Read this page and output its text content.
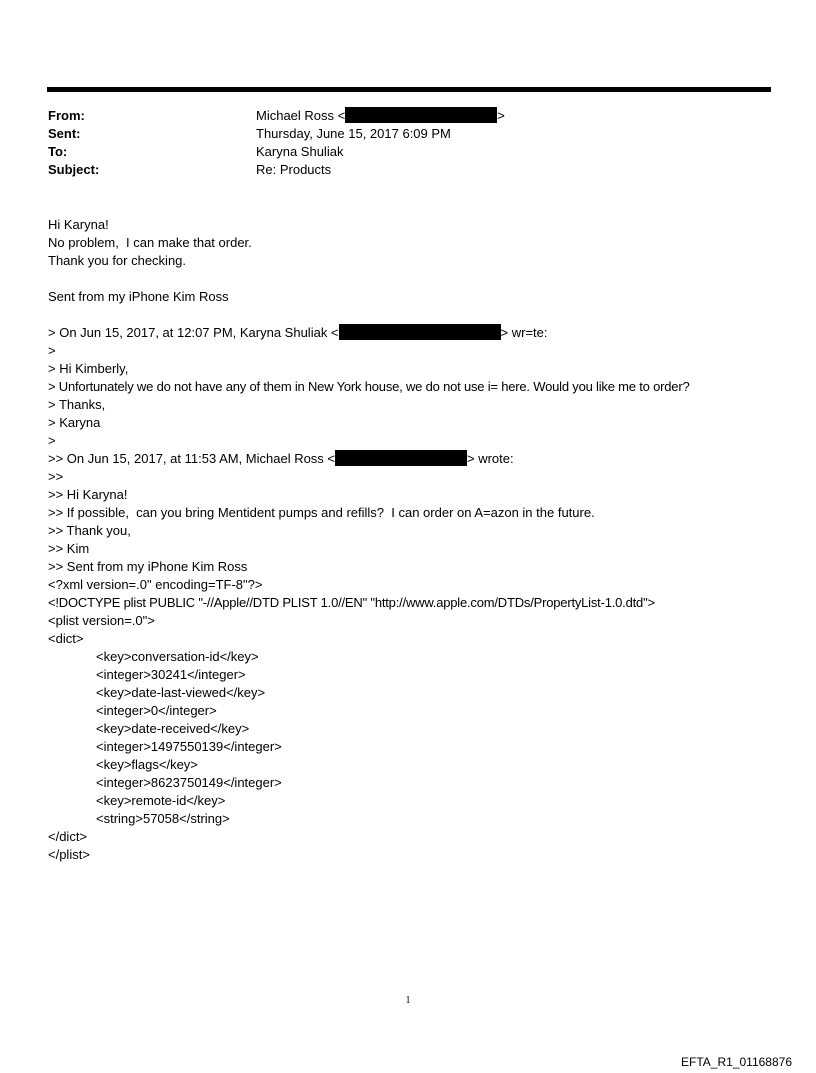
From:	Michael Ross <	>
Sent:	Thursday, June 15, 2017 6:09 PM
To:	Karyna Shuliak
Subject:	Re: Products
Hi Karyna!
No problem,  I can make that order.
Thank you for checking.
Sent from my iPhone Kim Ross
> On Jun 15, 2017, at 12:07 PM, Karyna Shuliak <	> wr=te:
>
> Hi Kimberly,
> Unfortunately we do not have any of them in New York house, we do not use i= here. Would you like me to order?
> Thanks,
> Karyna
>
>> On Jun 15, 2017, at 11:53 AM, Michael Ross <	> wrote:
>>
>> Hi Karyna!
>> If possible,  can you bring Mentident pumps and refills?  I can order on A=azon in the future.
>> Thank you,
>> Kim
>> Sent from my iPhone Kim Ross
<?xml version=.0" encoding=TF-8"?>
<!DOCTYPE plist PUBLIC "-//Apple//DTD PLIST 1.0//EN" "http://www.apple.com/DTDs/PropertyList-1.0.dtd">
<plist version=.0">
<dict>
<key>conversation-id</key>
<integer>30241</integer>
<key>date-last-viewed</key>
<integer>0</integer>
<key>date-received</key>
<integer>1497550139</integer>
<key>flags</key>
<integer>8623750149</integer>
<key>remote-id</key>
<string>57058</string>
</dict>
</plist>
1
EFTA_R1_01168876
